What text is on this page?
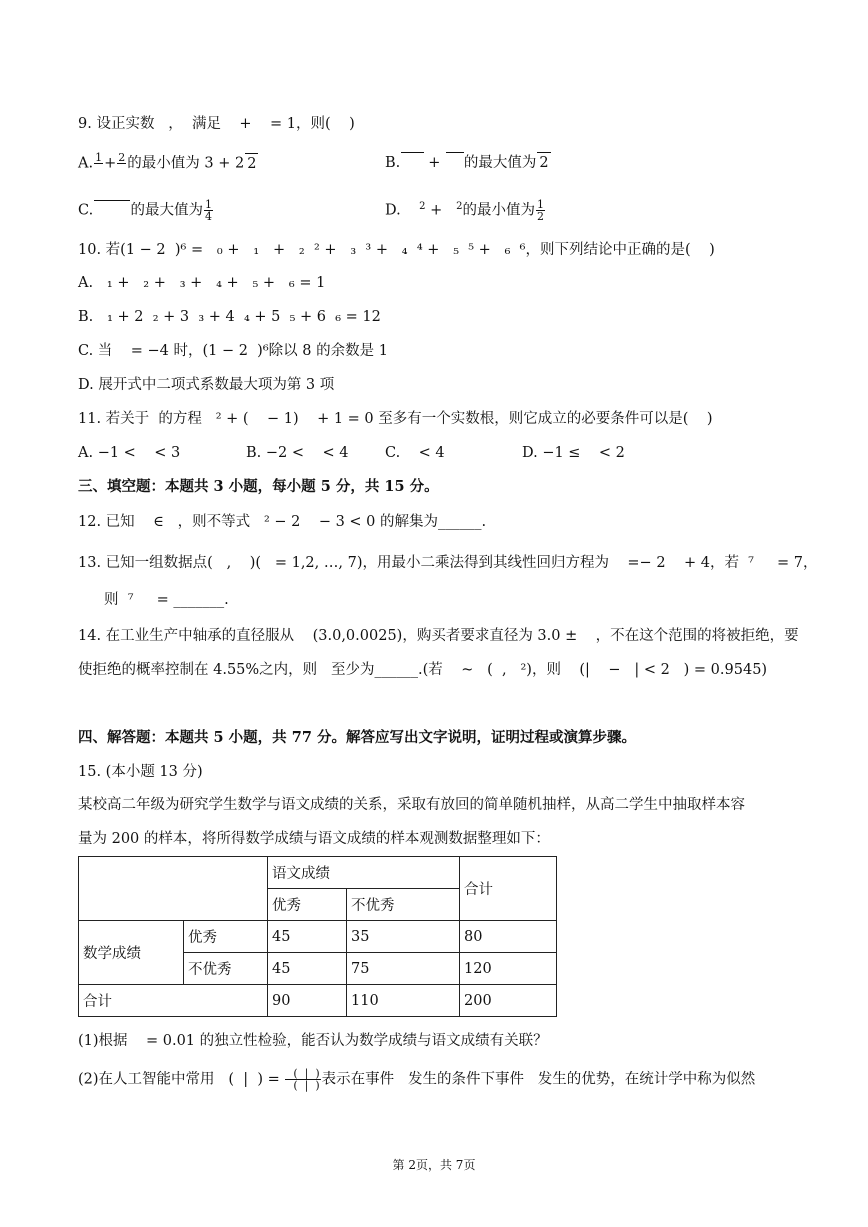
9. 设正实数   ，  满足    +    = 1，则(    )
A. 1
+ 2
的最小值为 3 + 2 2	B.     +    的最大值为 2
C.	的最大值为 $\frac{1}{4}$	D.    $^2$ +   $^2$的最小值为 $\frac{1}{2}$
10. 若(1 − 2  )⁶ =   ₀ +   ₁   +   ₂  ² +   ₃  ³ +   ₄  ⁴ +   ₅  ⁵ +   ₆  ⁶，则下列结论中正确的是(    )
A.   ₁ +   ₂ +   ₃ +   ₄ +   ₅ +   ₆ = 1
B.   ₁ + 2  ₂ + 3  ₃ + 4  ₄ + 5  ₅ + 6  ₆ = 12
C. 当    = −4 时，(1 − 2  )⁶除以 8 的余数是 1
D. 展开式中二项式系数最大项为第 3 项
11. 若关于  的方程   ² + (    − 1)    + 1 = 0 至多有一个实数根，则它成立的必要条件可以是(    )
A. −1 <    < 3	B. −2 <    < 4	C.    < 4	D. −1 ≤    < 2
三、填空题：本题共 3 小题，每小题 5 分，共 15 分。
12. 已知    ∈   ，则不等式   ² − 2    − 3 < 0 的解集为______.
13. 已知一组数据点(   ,    )(   = 1,2, …, 7)，用最小二乘法得到其线性回归方程为    =− 2    + 4，若  ⁷     = 7，
则  ⁷     = _______.
14. 在工业生产中轴承的直径服从    (3.0,0.0025)，购买者要求直径为 3.0 ±    ，不在这个范围的将被拒绝，要
使拒绝的概率控制在 4.55%之内，则   至少为______.(若    ~   (  ,   ²)，则    (|    −   | < 2   ) = 0.9545)
四、解答题：本题共 5 小题，共 77 分。解答应写出文字说明，证明过程或演算步骤。
15. (本小题 13 分)
某校高二年级为研究学生数学与语文成绩的关系，采取有放回的简单随机抽样，从高二学生中抽取样本容
量为 200 的样本，将所得数学成绩与语文成绩的样本观测数据整理如下：
		语文成绩		合计
		优秀	不优秀	
数学成绩	优秀	45	35	80
	不优秀	45	75	120
合计		90	110	200
(1)根据    = 0.01 的独立性检验，能否认为数学成绩与语文成绩有关联？
(2)在人工智能中常用   (  |  ) = $\frac{( | )}{( | )}$ 表示在事件   发生的条件下事件   发生的优势，在统计学中称为似然
第 2页，共 7页
